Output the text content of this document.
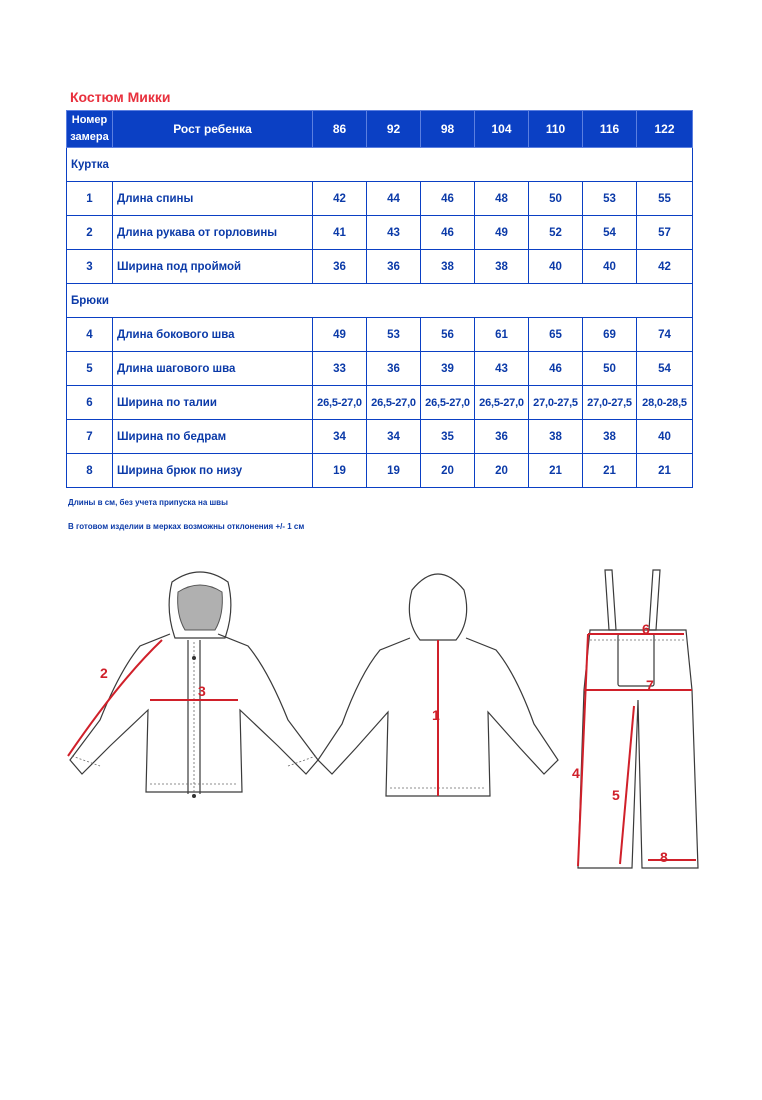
Костюм Микки
Номер
замера	Рост ребенка	86	92	98	104	110	116	122
Куртка								
1	Длина спины	42	44	46	48	50	53	55
2	Длина рукава от горловины	41	43	46	49	52	54	57
3	Ширина под проймой	36	36	38	38	40	40	42
Брюки								
4	Длина бокового шва	49	53	56	61	65	69	74
5	Длина шагового шва	33	36	39	43	46	50	54
6	Ширина по талии	26,5-27,0	26,5-27,0	26,5-27,0	26,5-27,0	27,0-27,5	27,0-27,5	28,0-28,5
7	Ширина по бедрам	34	34	35	36	38	38	40
8	Ширина брюк по низу	19	19	20	20	21	21	21
Длины в см, без учета припуска на швы
В готовом изделии в мерках возможны отклонения +/- 1 см
2
3
1
6
7
4
5
8
